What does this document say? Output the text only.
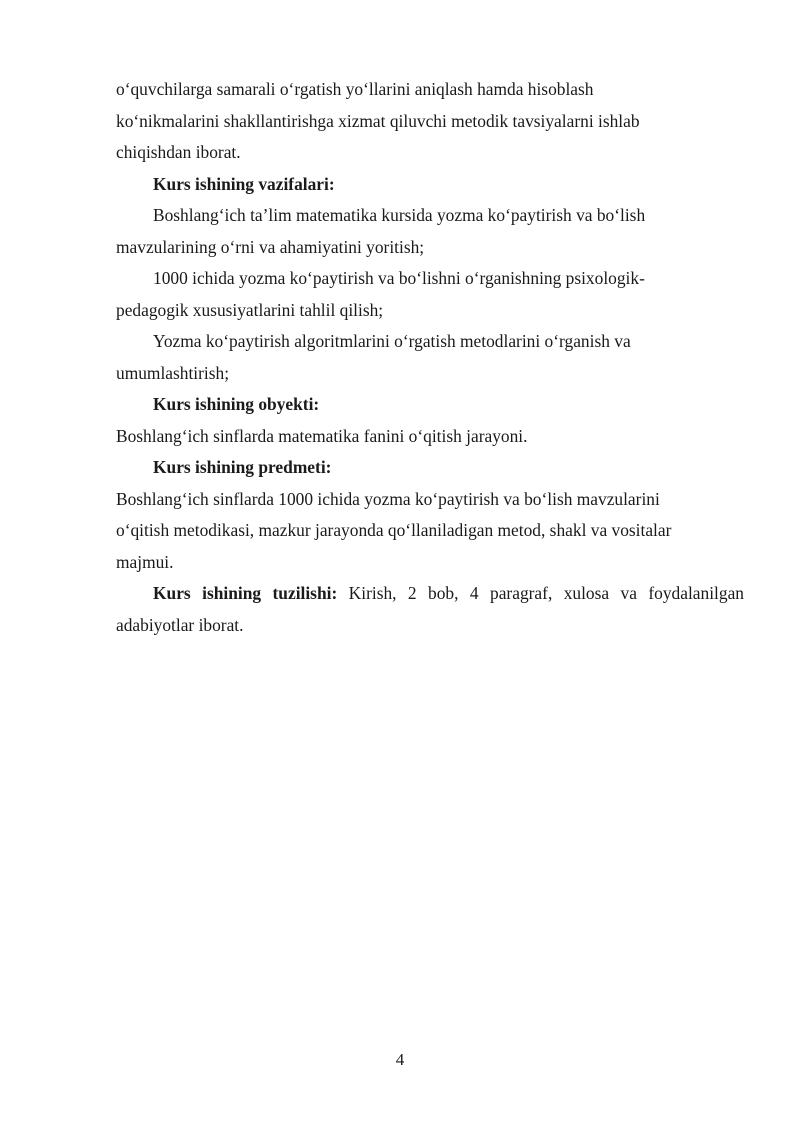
o‘quvchilarga samarali o‘rgatish yo‘llarini aniqlash hamda hisoblash
ko‘nikmalarini shakllantirishga xizmat qiluvchi metodik tavsiyalarni ishlab
chiqishdan iborat.

Kurs ishining vazifalari:

Boshlang‘ich ta’lim matematika kursida yozma ko‘paytirish va bo‘lish
mavzularining o‘rni va ahamiyatini yoritish;

1000 ichida yozma ko‘paytirish va bo‘lishni o‘rganishning psixologik-
pedagogik xususiyatlarini tahlil qilish;

Yozma ko‘paytirish algoritmlarini o‘rgatish metodlarini o‘rganish va
umumlashtirish;

Kurs ishining obyekti:

Boshlang‘ich sinflarda matematika fanini o‘qitish jarayoni.

Kurs ishining predmeti:

Boshlang‘ich sinflarda 1000 ichida yozma ko‘paytirish va bo‘lish mavzularini
o‘qitish metodikasi, mazkur jarayonda qo‘llaniladigan metod, shakl va vositalar
majmui.

Kurs ishining tuzilishi: Kirish, 2 bob, 4 paragraf, xulosa va foydalanilgan adabiyotlar iborat.

4
